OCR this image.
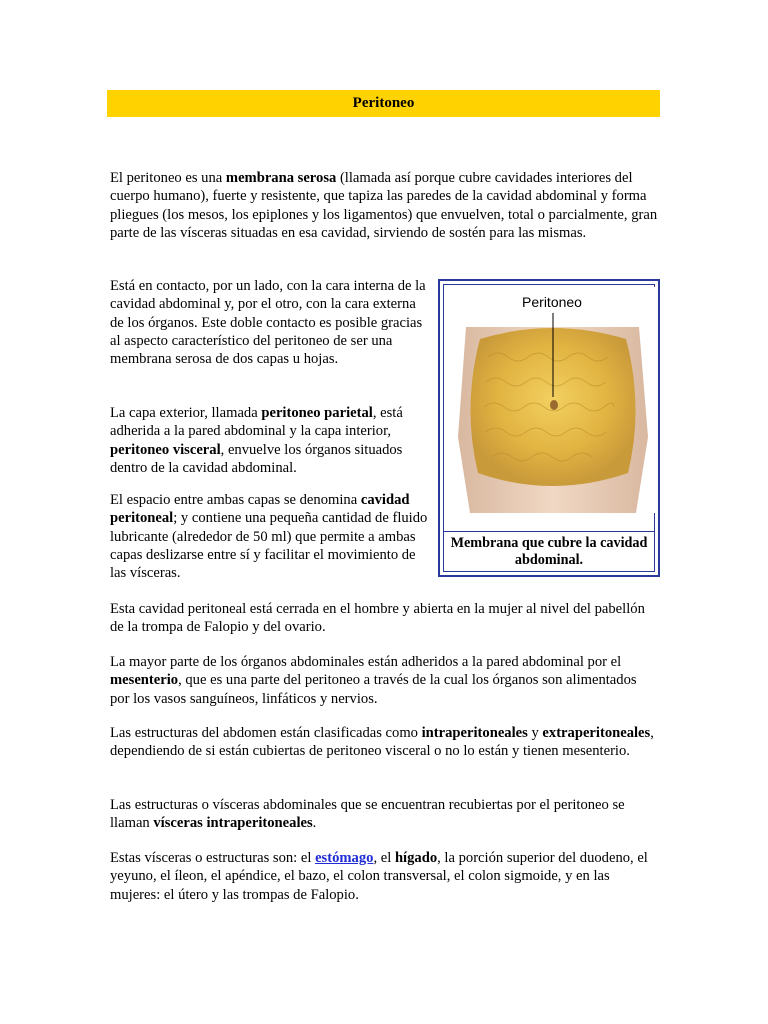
Peritoneo

El peritoneo es una membrana serosa (llamada así porque cubre cavidades interiores del cuerpo humano), fuerte y resistente, que tapiza las paredes de la cavidad abdominal y forma pliegues (los mesos, los epiplones y los ligamentos) que envuelven, total o parcialmente, gran parte de las vísceras situadas en esa cavidad, sirviendo de sostén para las mismas.

Está en contacto, por un lado, con la cara interna de la cavidad abdominal y, por el otro, con la cara externa de los órganos. Este doble contacto es posible gracias al aspecto característico del peritoneo de ser una membrana serosa de dos capas u hojas.

La capa exterior, llamada peritoneo parietal, está adherida a la pared abdominal y la capa interior, peritoneo visceral, envuelve los órganos situados dentro de la cavidad abdominal.

El espacio entre ambas capas se denomina cavidad peritoneal; y contiene una pequeña cantidad de fluido lubricante (alrededor de 50 ml) que permite a ambas capas deslizarse entre sí y facilitar el movimiento de las vísceras.

Esta cavidad peritoneal está cerrada en el hombre y abierta en la mujer al nivel del pabellón de la trompa de Falopio y del ovario.

La mayor parte de los órganos abdominales están adheridos a la pared abdominal por el mesenterio, que es una parte del peritoneo a través de la cual los órganos son alimentados por los vasos sanguíneos, linfáticos y nervios.

Las estructuras del abdomen están clasificadas como intraperitoneales y extraperitoneales, dependiendo de si están cubiertas de peritoneo visceral o no lo están y tienen mesenterio.

Las estructuras o vísceras abdominales que se encuentran recubiertas por el peritoneo se llaman vísceras intraperitoneales.

Estas vísceras o estructuras son: el estómago, el hígado, la porción superior del duodeno, el yeyuno, el íleon, el apéndice, el bazo, el colon transversal, el colon sigmoide, y en las mujeres: el útero y las trompas de Falopio.

Peritoneo
Membrana que cubre la cavidad abdominal.
